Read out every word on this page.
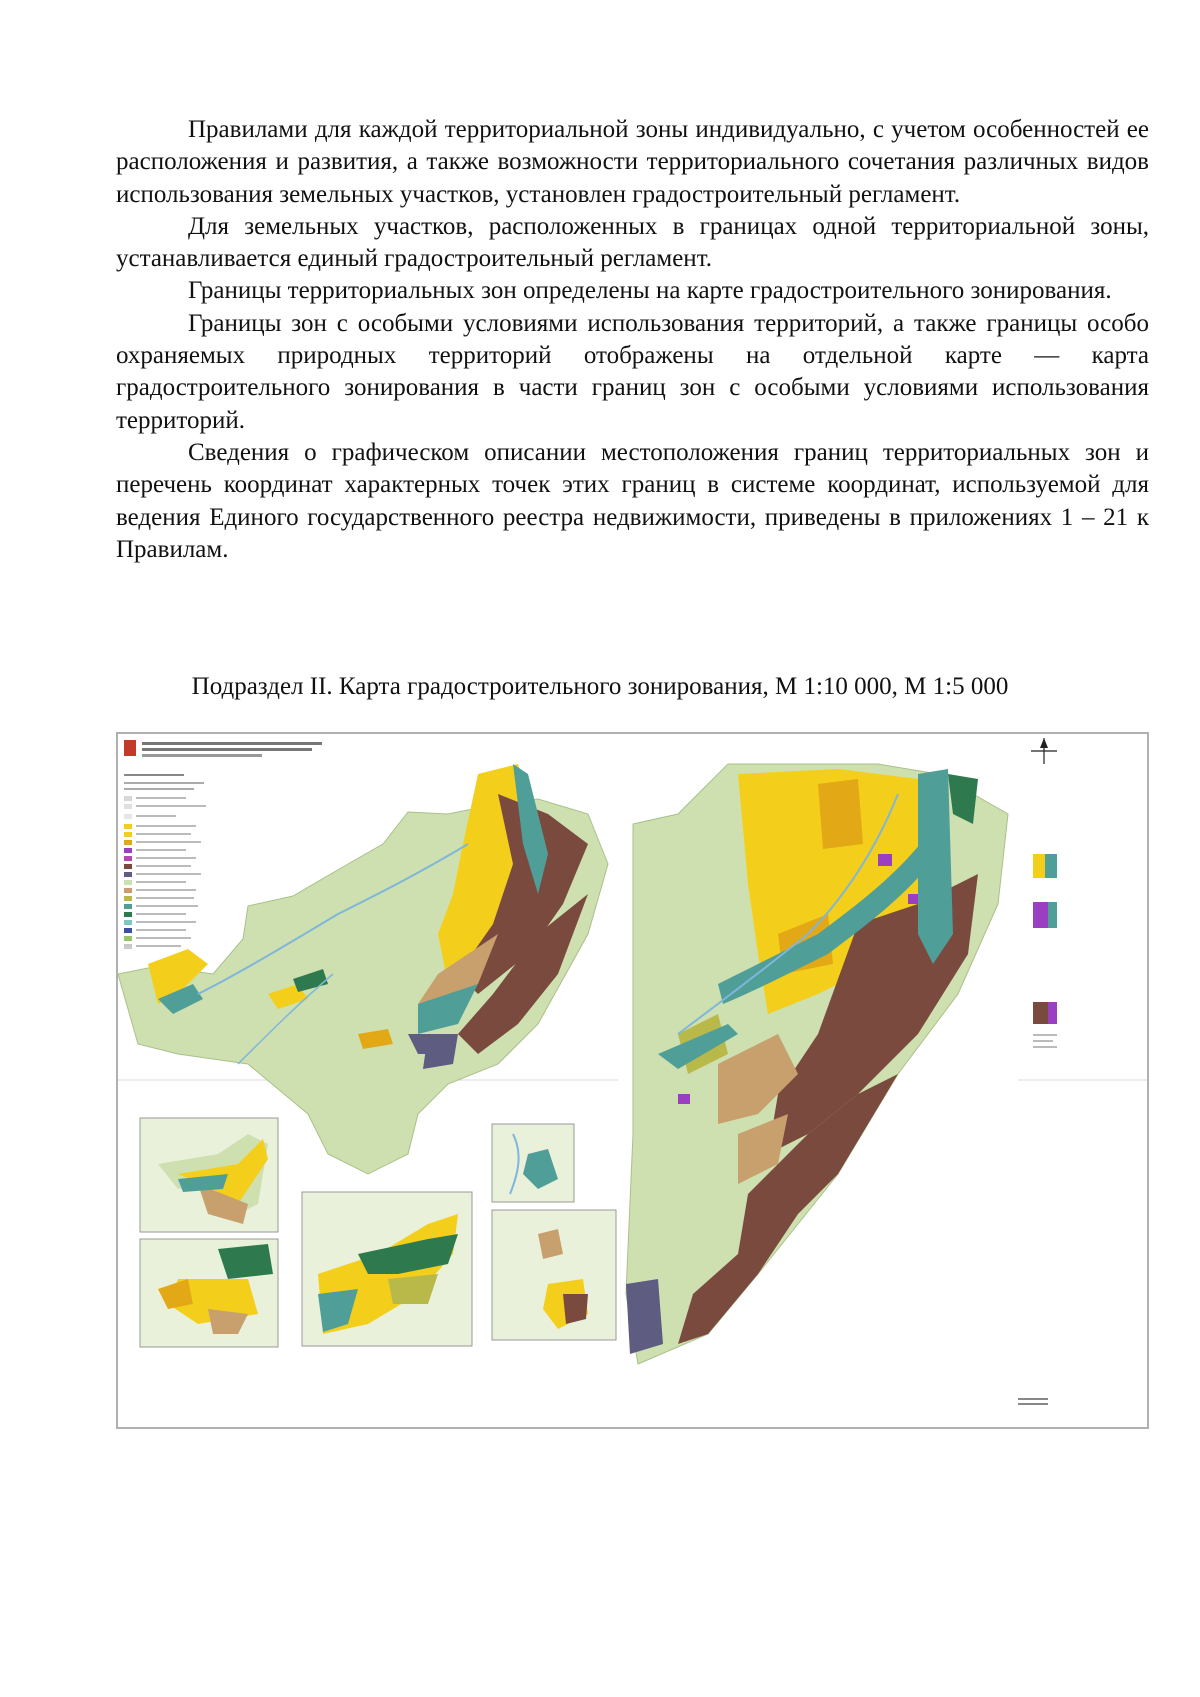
Правилами для каждой территориальной зоны индивидуально, с учетом особенностей ее расположения и развития, а также возможности территориального сочетания различных видов использования земельных участков, установлен градостроительный регламент.

Для земельных участков, расположенных в границах одной территориальной зоны, устанавливается единый градостроительный регламент.

Границы территориальных зон определены на карте градостроительного зонирования.

Границы зон с особыми условиями использования территорий, а также границы особо охраняемых природных территорий отображены на отдельной карте — карта градостроительного зонирования в части границ зон с особыми условиями использования территорий.

Сведения о графическом описании местоположения границ территориальных зон и перечень координат характерных точек этих границ в системе координат, используемой для ведения Единого государственного реестра недвижимости, приведены в приложениях 1 – 21 к Правилам.

Подраздел II. Карта градостроительного зонирования, М 1:10 000, М 1:5 000
